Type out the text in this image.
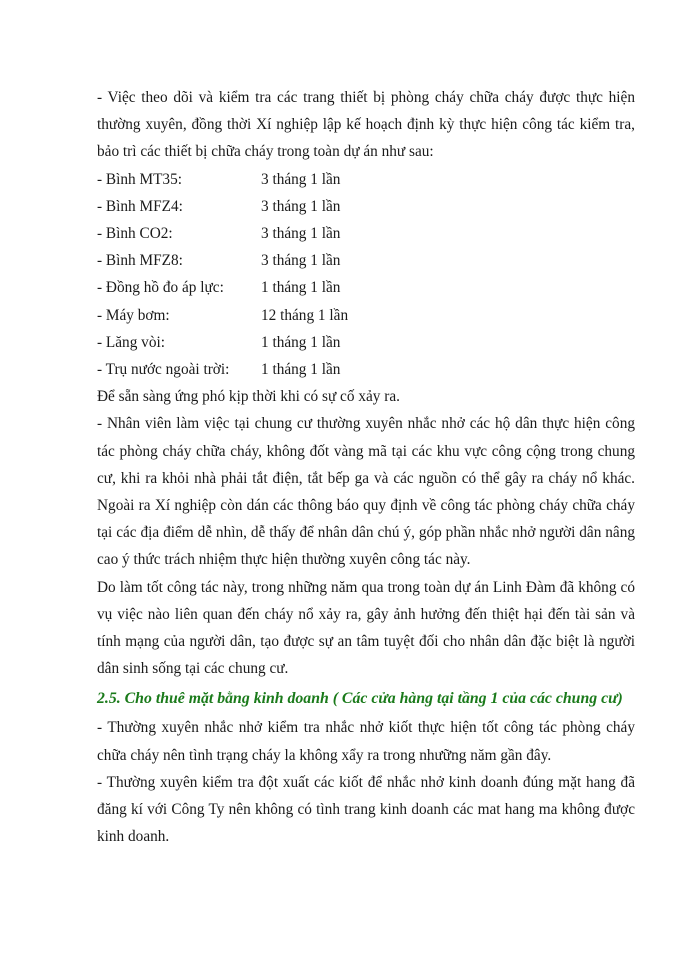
- Việc theo dõi và kiểm tra các trang thiết bị phòng cháy chữa cháy được thực hiện thường xuyên, đồng thời Xí nghiệp lập kế hoạch định kỳ thực hiện công tác kiểm tra, bảo trì các thiết bị chữa cháy trong toàn dự án như sau:

- Bình MT35:	3 tháng 1 lần
- Bình MFZ4:	3 tháng 1 lần
- Bình CO2:	3 tháng 1 lần
- Bình MFZ8:	3 tháng 1 lần
- Đồng hồ đo áp lực:	1 tháng 1 lần
- Máy bơm:	12 tháng 1 lần
- Lăng vòi:	1 tháng 1 lần
- Trụ nước ngoài trời:	1 tháng 1 lần

Để sẵn sàng ứng phó kịp thời khi có sự cố xảy ra.

- Nhân viên làm việc tại chung cư thường xuyên nhắc nhở các hộ dân thực hiện công tác phòng cháy chữa cháy, không đốt vàng mã tại các khu vực công cộng trong chung cư, khi ra khỏi nhà phải tắt điện, tắt bếp ga và các nguồn có thể gây ra cháy nổ khác. Ngoài ra Xí nghiệp còn dán các thông báo quy định về công tác phòng cháy chữa cháy tại các địa điểm dễ nhìn, dễ thấy để nhân dân chú ý, góp phần nhắc nhở người dân nâng cao ý thức trách nhiệm thực hiện thường xuyên công tác này.

Do làm tốt công tác này, trong những năm qua trong toàn dự án Linh Đàm đã không có vụ việc nào liên quan đến cháy nổ xảy ra, gây ảnh hưởng đến thiệt hại đến tài sản và tính mạng của người dân, tạo được sự an tâm tuyệt đối cho nhân dân đặc biệt là người dân sinh sống tại các chung cư.

2.5. Cho thuê mặt bằng kinh doanh ( Các cửa hàng tại tầng 1 của các chung cư)

- Thường xuyên nhắc nhở kiểm tra nhắc nhở kiốt thực hiện tốt công tác phòng cháy chữa cháy nên tình trạng cháy la không xẩy ra trong nhưững năm gần đây.

- Thường xuyên kiểm tra đột xuất các kiốt để nhắc nhở kinh doanh đúng mặt hang đã đăng kí với Công Ty nên không có tình trang kinh doanh các mat hang ma không được kinh doanh.
